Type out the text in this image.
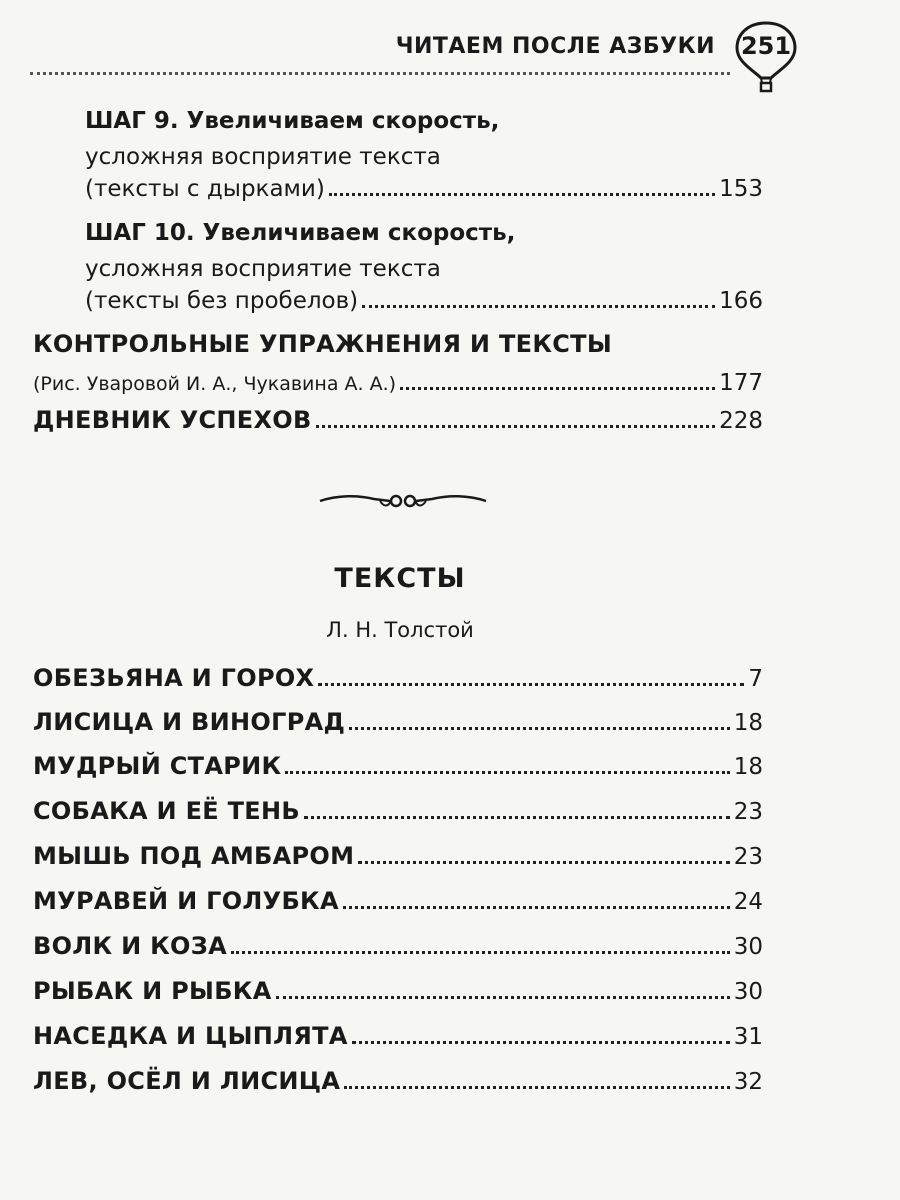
ЧИТАЕМ ПОСЛЕ АЗБУКИ	251
ШАГ 9. Увеличиваем скорость,
усложняя восприятие текста
(тексты с дырками)	153
ШАГ 10. Увеличиваем скорость,
усложняя восприятие текста
(тексты без пробелов)	166
КОНТРОЛЬНЫЕ УПРАЖНЕНИЯ И ТЕКСТЫ
(Рис. Уваровой И. А., Чукавина А. А.)	177
ДНЕВНИК УСПЕХОВ	228
ТЕКСТЫ
Л. Н. Толстой
ОБЕЗЬЯНА И ГОРОХ	7
ЛИСИЦА И ВИНОГРАД	18
МУДРЫЙ СТАРИК	18
СОБАКА И ЕЁ ТЕНЬ	23
МЫШЬ ПОД АМБАРОМ	23
МУРАВЕЙ И ГОЛУБКА	24
ВОЛК И КОЗА	30
РЫБАК И РЫБКА	30
НАСЕДКА И ЦЫПЛЯТА	31
ЛЕВ, ОСЁЛ И ЛИСИЦА	32
